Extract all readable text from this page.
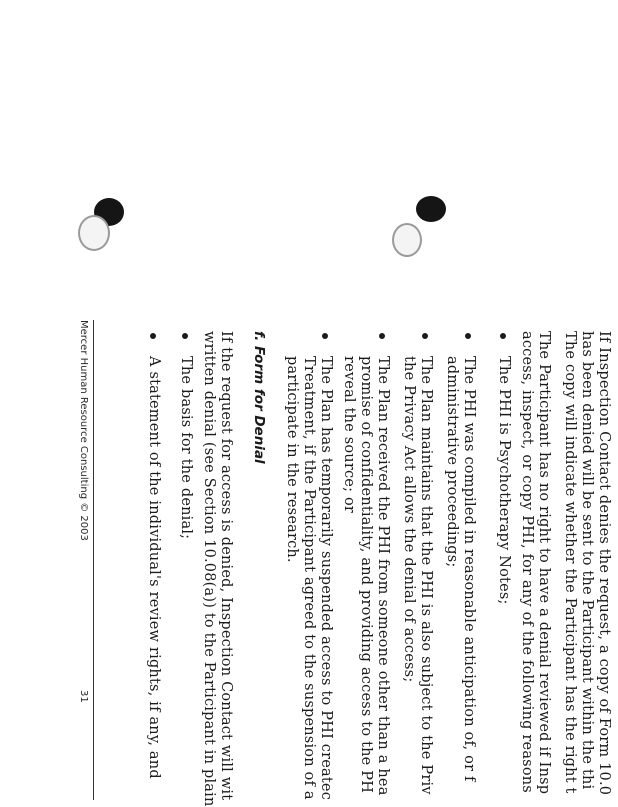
If Inspection Contact denies the request, a copy of Form 10.0
has been denied will be sent to the Participant within the thi
The copy will indicate whether the Participant has the right t
The Participant has no right to have a denial reviewed if Insp
access, inspect, or copy PHI, for any of the following reasons
The PHI is Psychotherapy Notes;
The PHI was compiled in reasonable anticipation of, or f
administrative proceedings;
The Plan maintains that the PHI is also subject to the Priv
the Privacy Act allows the denial of access;
The Plan received the PHI from someone other than a hea
promise of confidentiality, and providing access to the PH
reveal the source; or
The Plan has temporarily suspended access to PHI createc
Treatment, if the Participant agreed to the suspension of a
participate in the research.
f. Form for Denial
If the request for access is denied, Inspection Contact will wit
written denial (see Section 10.08(a)) to the Participant in plain
The basis for the denial;
A statement of the individual's review rights, if any, and
Mercer Human Resource Consulting © 2003
31
